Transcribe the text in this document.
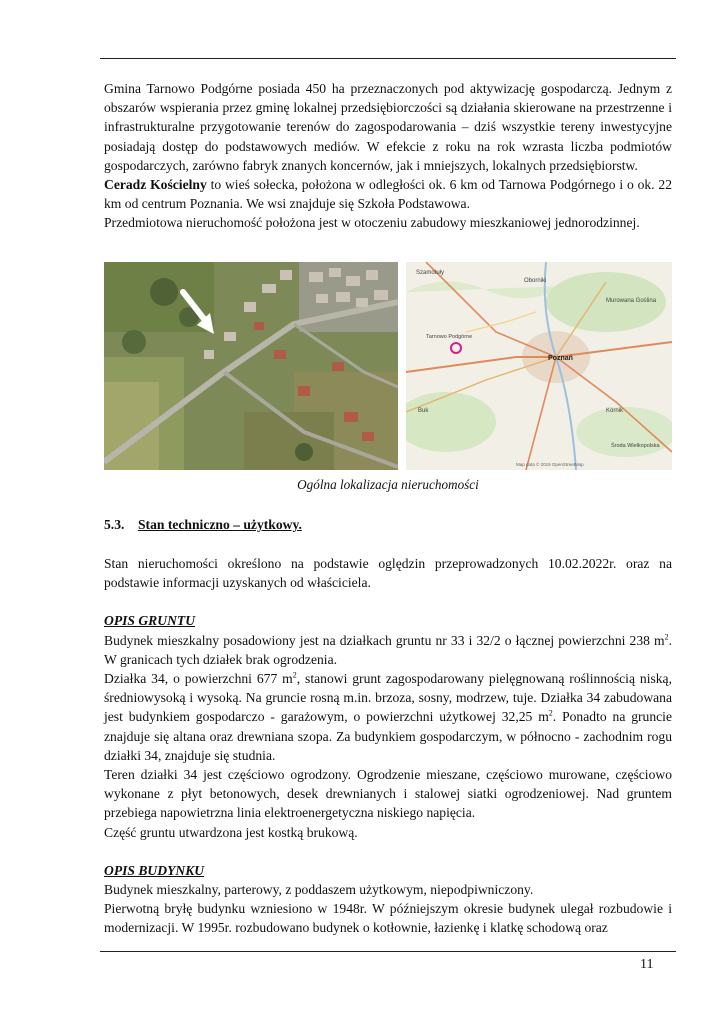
Gmina Tarnowo Podgórne posiada 450 ha przeznaczonych pod aktywizację gospodarczą. Jednym z obszarów wspierania przez gminę lokalnej przedsiębiorczości są działania skierowane na przestrzenne i infrastrukturalne przygotowanie terenów do zagospodarowania – dziś wszystkie tereny inwestycyjne posiadają dostęp do podstawowych mediów. W efekcie z roku na rok wzrasta liczba podmiotów gospodarczych, zarówno fabryk znanych koncernów, jak i mniejszych, lokalnych przedsiębiorstw.

Ceradz Kościelny to wieś sołecka, położona w odległości ok. 6 km od Tarnowa Podgórnego i o ok. 22 km od centrum Poznania. We wsi znajduje się Szkoła Podstawowa.

Przedmiotowa nieruchomość położona jest w otoczeniu zabudowy mieszkaniowej jednorodzinnej.

Szamotuły
Oborniki
Murowana Goślina
Poznań
Tarnowo Podgórne
Buk	Kórnik
Środa Wielkopolska
Map data © 2019 OpenStreetMap
Ogólna lokalizacja nieruchomości
5.3. Stan techniczno – użytkowy.

Stan nieruchomości określono na podstawie oględzin przeprowadzonych 10.02.2022r. oraz na podstawie informacji uzyskanych od właściciela.

OPIS GRUNTU

Budynek mieszkalny posadowiony jest na działkach gruntu nr 33 i 32/2 o łącznej powierzchni 238 $m^2$. W granicach tych działek brak ogrodzenia.

Działka 34, o powierzchni 677 $m^2$, stanowi grunt zagospodarowany pielęgnowaną roślinnością niską, średniowysoką i wysoką. Na gruncie rosną m.in. brzoza, sosny, modrzew, tuje. Działka 34 zabudowana jest budynkiem gospodarczo - garażowym, o powierzchni użytkowej 32,25 $m^2$. Ponadto na gruncie znajduje się altana oraz drewniana szopa. Za budynkiem gospodarczym, w północno - zachodnim rogu działki 34, znajduje się studnia.

Teren działki 34 jest częściowo ogrodzony. Ogrodzenie mieszane, częściowo murowane, częściowo wykonane z płyt betonowych, desek drewnianych i stalowej siatki ogrodzeniowej. Nad gruntem przebiega napowietrzna linia elektroenergetyczna niskiego napięcia.

Część gruntu utwardzona jest kostką brukową.

OPIS BUDYNKU

Budynek mieszkalny, parterowy, z poddaszem użytkowym, niepodpiwniczony.

Pierwotną bryłę budynku wzniesiono w 1948r. W późniejszym okresie budynek ulegał rozbudowie i modernizacji. W 1995r. rozbudowano budynek o kotłownie, łazienkę i klatkę schodową oraz

11
